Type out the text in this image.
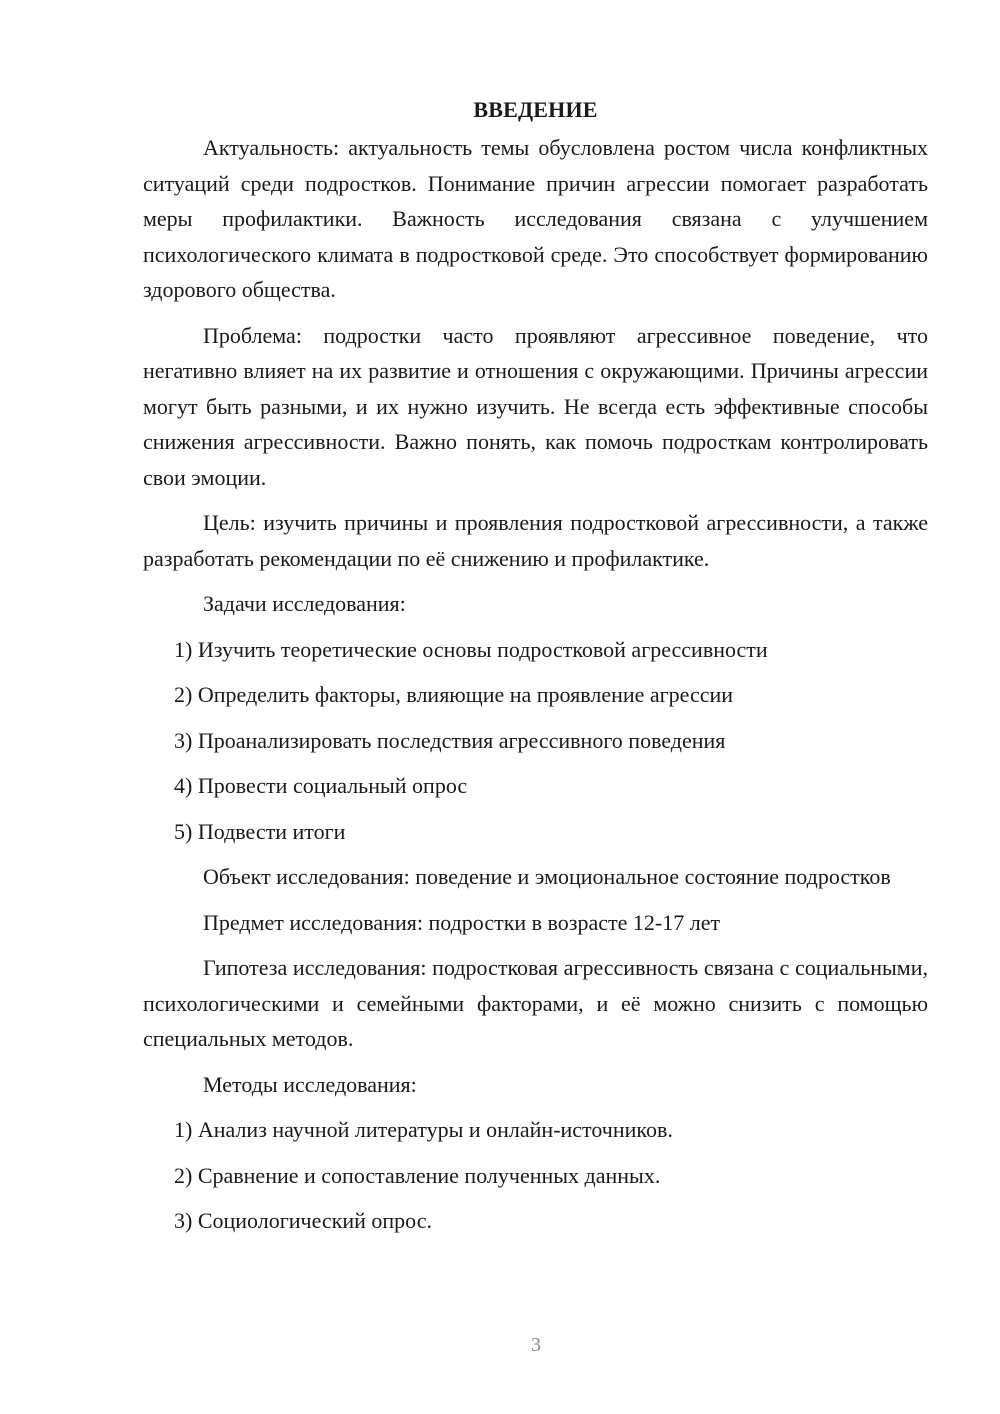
ВВЕДЕНИЕ

Актуальность: актуальность темы обусловлена ростом числа конфликтных ситуаций среди подростков. Понимание причин агрессии помогает разработать меры профилактики. Важность исследования связана с улучшением психологического климата в подростковой среде. Это способствует формированию здорового общества.

Проблема: подростки часто проявляют агрессивное поведение, что негативно влияет на их развитие и отношения с окружающими. Причины агрессии могут быть разными, и их нужно изучить. Не всегда есть эффективные способы снижения агрессивности. Важно понять, как помочь подросткам контролировать свои эмоции.

Цель: изучить причины и проявления подростковой агрессивности, а также разработать рекомендации по её снижению и профилактике.

Задачи исследования:

1) Изучить теоретические основы подростковой агрессивности
2) Определить факторы, влияющие на проявление агрессии
3) Проанализировать последствия агрессивного поведения
4) Провести социальный опрос
5) Подвести итоги

Объект исследования: поведение и эмоциональное состояние подростков

Предмет исследования: подростки в возрасте 12-17 лет

Гипотеза исследования: подростковая агрессивность связана с социальными, психологическими и семейными факторами, и её можно снизить с помощью специальных методов.

Методы исследования:

1) Анализ научной литературы и онлайн-источников.
2) Сравнение и сопоставление полученных данных.
3) Социологический опрос.
3
